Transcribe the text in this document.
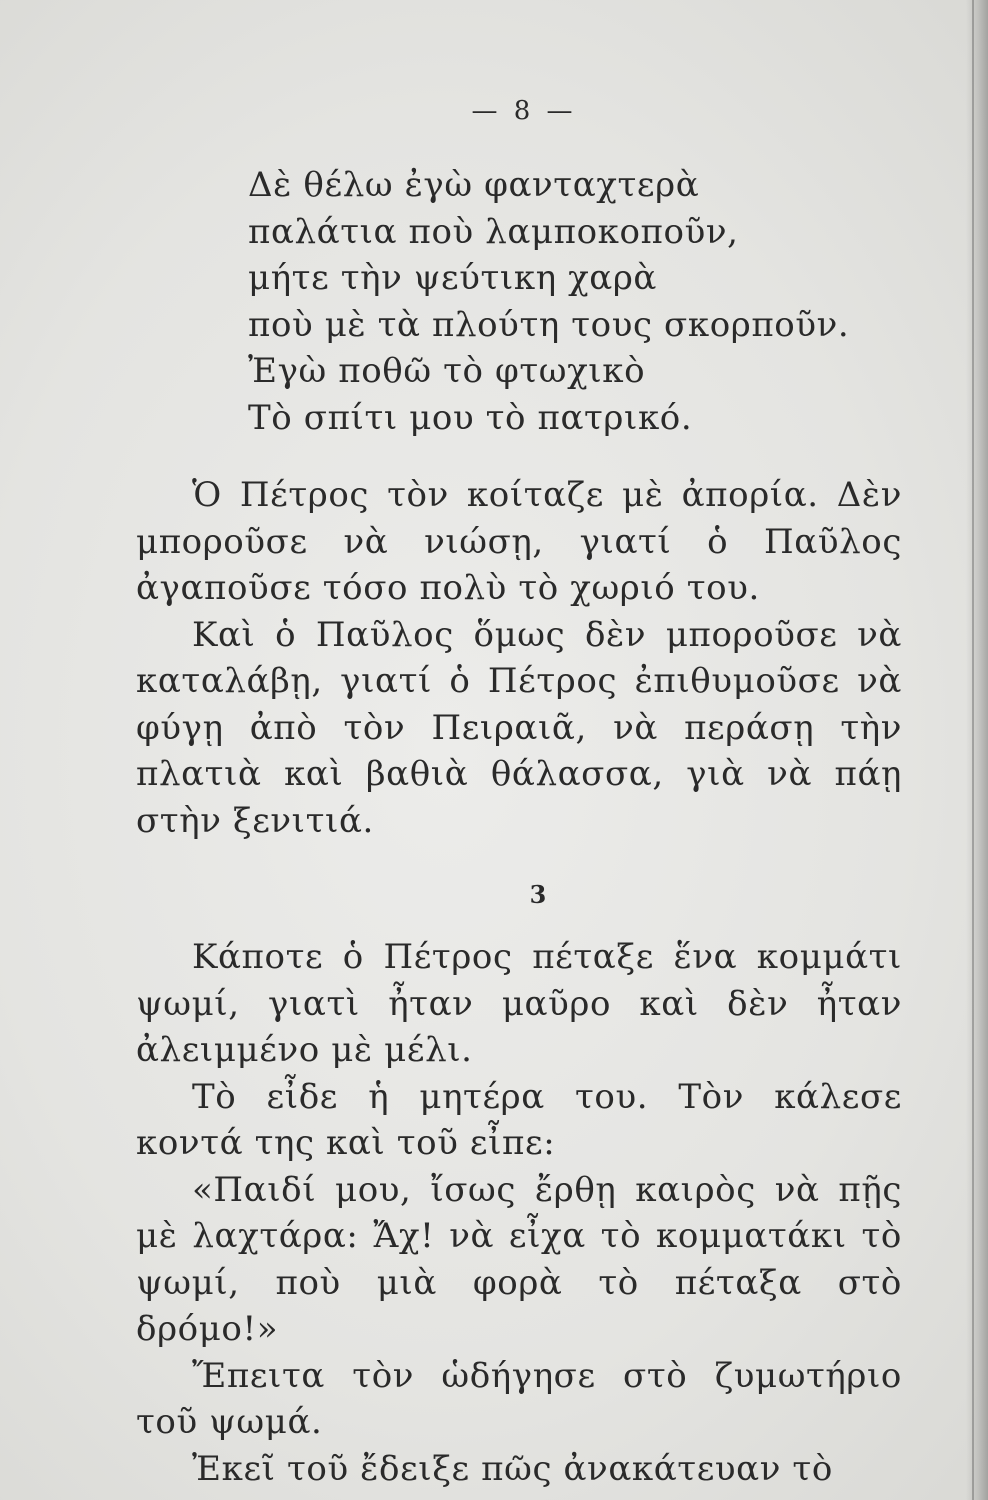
— 8 —
Δὲ θέλω ἐγὼ φανταχτερὰ
παλάτια ποὺ λαμποκοποῦν,
μήτε τὴν ψεύτικη χαρὰ
ποὺ μὲ τὰ πλούτη τους σκορποῦν.
Ἐγὼ ποθῶ τὸ φτωχικὸ
Τὸ σπίτι μου τὸ πατρικό.

Ὁ Πέτρος τὸν κοίταζε μὲ ἀπορία. Δὲν μποροῦσε νὰ νιώσῃ, γιατί ὁ Παῦλος ἀγαποῦσε τόσο πολὺ τὸ χωριό του.

Καὶ ὁ Παῦλος ὅμως δὲν μποροῦσε νὰ καταλάβῃ, γιατί ὁ Πέτρος ἐπιθυμοῦσε νὰ φύγῃ ἀπὸ τὸν Πειραιᾶ, νὰ περάσῃ τὴν πλατιὰ καὶ βαθιὰ θάλασσα, γιὰ νὰ πάῃ στὴν ξενιτιά.

3

Κάποτε ὁ Πέτρος πέταξε ἕνα κομμάτι ψωμί, γιατὶ ἦταν μαῦρο καὶ δὲν ἦταν ἀλειμμένο μὲ μέλι.

Τὸ εἶδε ἡ μητέρα του. Τὸν κάλεσε κοντά της καὶ τοῦ εἶπε:

«Παιδί μου, ἴσως ἔρθῃ καιρὸς νὰ πῇς μὲ λαχτάρα: Ἄχ! νὰ εἶχα τὸ κομματάκι τὸ ψωμί, ποὺ μιὰ φορὰ τὸ πέταξα στὸ δρόμο!»

Ἔπειτα τὸν ὡδήγησε στὸ ζυμωτήριο τοῦ ψωμά.

Ἐκεῖ τοῦ ἔδειξε πῶς ἀνακάτευαν τὸ
